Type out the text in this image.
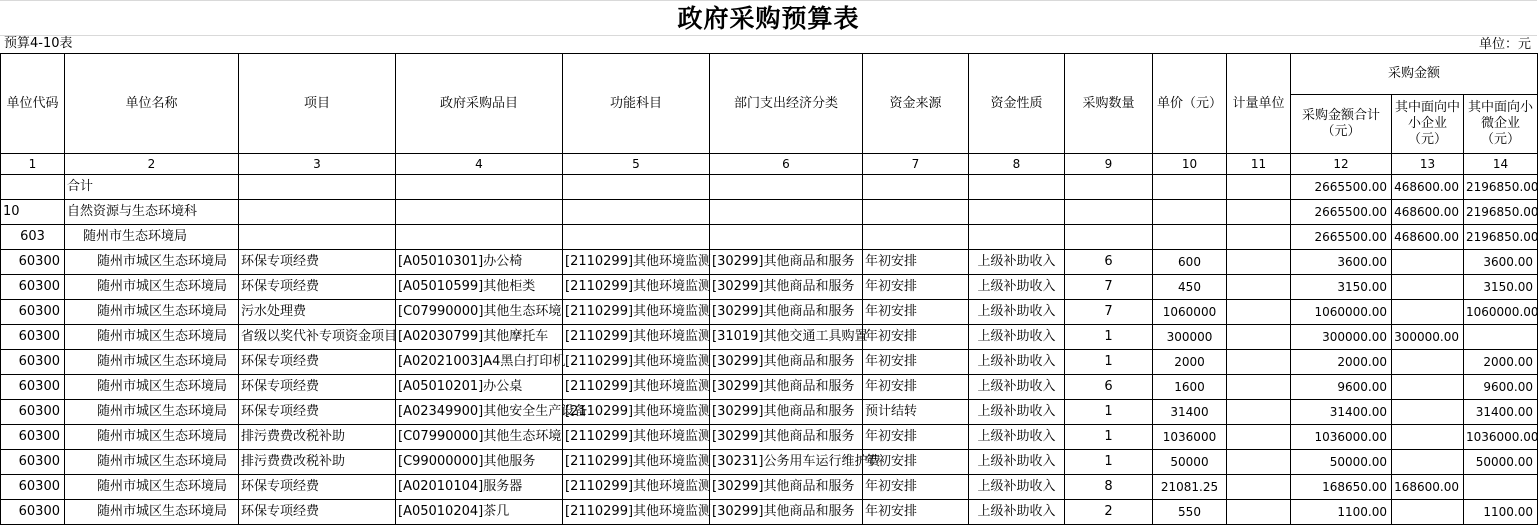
政府采购预算表
预算4-10表	单位：元
单位代码	单位名称	项目	政府采购品目	功能科目	部门支出经济分类	资金来源	资金性质	采购数量	单价（元）	计量单位	采购金额		
											采购金额合计（元）	其中面向中小企业（元）	其中面向小微企业（元）
1	2	3	4	5	6	7	8	9	10	11	12	13	14
	合计										2665500.00	468600.00	2196850.00
10	自然资源与生态环境科										2665500.00	468600.00	2196850.00
603	随州市生态环境局										2665500.00	468600.00	2196850.00
60300	随州市城区生态环境局	环保专项经费	[A05010301]办公椅	[2110299]其他环境监测	[30299]其他商品和服务	年初安排	上级补助收入	6	600		3600.00		3600.00
60300	随州市城区生态环境局	环保专项经费	[A05010599]其他柜类	[2110299]其他环境监测	[30299]其他商品和服务	年初安排	上级补助收入	7	450		3150.00		3150.00
60300	随州市城区生态环境局	污水处理费	[C07990000]其他生态环境	[2110299]其他环境监测	[30299]其他商品和服务	年初安排	上级补助收入	7	1060000		1060000.00		1060000.00
60300	随州市城区生态环境局	省级以奖代补专项资金项目	[A02030799]其他摩托车	[2110299]其他环境监测	[31019]其他交通工具购置	年初安排	上级补助收入	1	300000		300000.00	300000.00	
60300	随州市城区生态环境局	环保专项经费	[A02021003]A4黑白打印机	[2110299]其他环境监测	[30299]其他商品和服务	年初安排	上级补助收入	1	2000		2000.00		2000.00
60300	随州市城区生态环境局	环保专项经费	[A05010201]办公桌	[2110299]其他环境监测	[30299]其他商品和服务	年初安排	上级补助收入	6	1600		9600.00		9600.00
60300	随州市城区生态环境局	环保专项经费	[A02349900]其他安全生产设备	[2110299]其他环境监测	[30299]其他商品和服务	预计结转	上级补助收入	1	31400		31400.00		31400.00
60300	随州市城区生态环境局	排污费费改税补助	[C07990000]其他生态环境	[2110299]其他环境监测	[30299]其他商品和服务	年初安排	上级补助收入	1	1036000		1036000.00		1036000.00
60300	随州市城区生态环境局	排污费费改税补助	[C99000000]其他服务	[2110299]其他环境监测	[30231]公务用车运行维护费	年初安排	上级补助收入	1	50000		50000.00		50000.00
60300	随州市城区生态环境局	环保专项经费	[A02010104]服务器	[2110299]其他环境监测	[30299]其他商品和服务	年初安排	上级补助收入	8	21081.25		168650.00	168600.00	
60300	随州市城区生态环境局	环保专项经费	[A05010204]茶几	[2110299]其他环境监测	[30299]其他商品和服务	年初安排	上级补助收入	2	550		1100.00		1100.00
